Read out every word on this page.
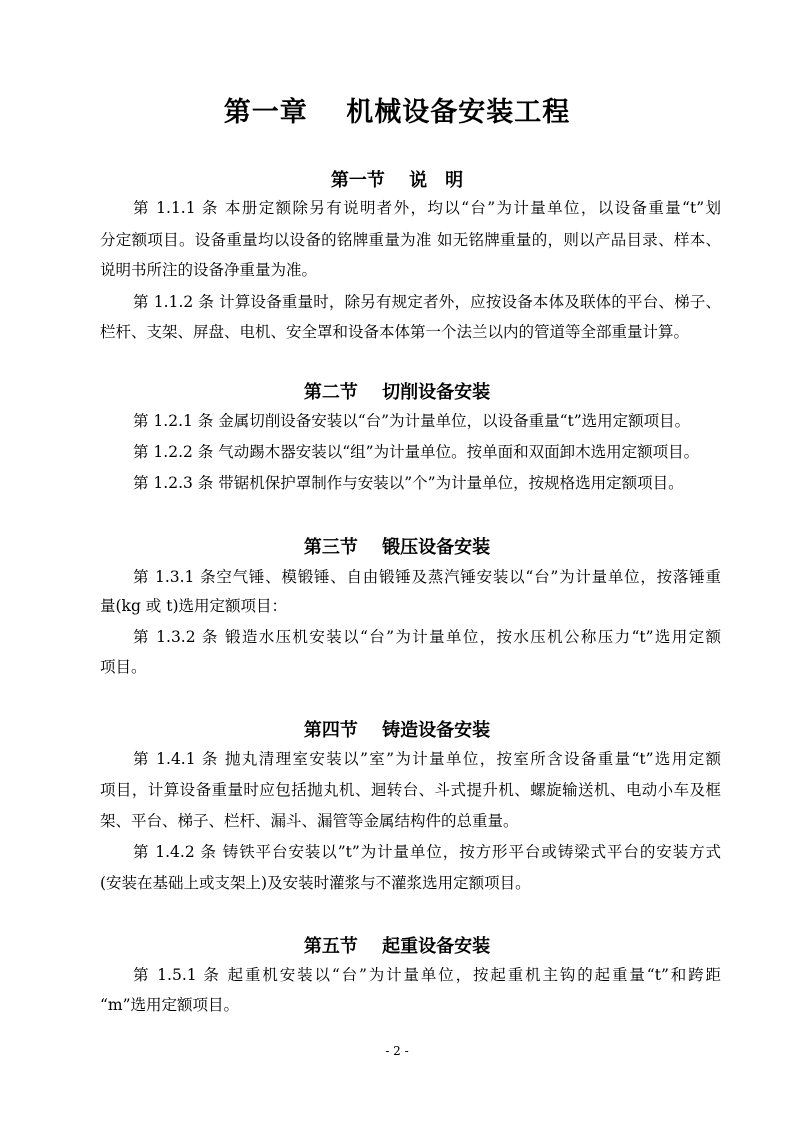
第一章　 机械设备安装工程
第一节　 说　明
第 1.1.1 条 本册定额除另有说明者外，均以“台”为计量单位，以设备重量“t”划
分定额项目。设备重量均以设备的铭牌重量为准 如无铭牌重量的，则以产品目录、样本、
说明书所注的设备净重量为准。
第 1.1.2 条 计算设备重量时，除另有规定者外，应按设备本体及联体的平台、梯子、
栏杆、支架、屏盘、电机、安全罩和设备本体第一个法兰以内的管道等全部重量计算。
第二节　 切削设备安装
第 1.2.1 条 金属切削设备安装以“台”为计量单位，以设备重量“t”选用定额项目。
第 1.2.2 条 气动踢木器安装以“组”为计量单位。按单面和双面卸木选用定额项目。
第 1.2.3 条 带锯机保护罩制作与安装以”个”为计量单位，按规格选用定额项目。
第三节　 锻压设备安装
第 1.3.1 条空气锤、模锻锤、自由锻锤及蒸汽锤安装以“台”为计量单位，按落锤重
量(kg 或 t)选用定额项目：
第 1.3.2 条 锻造水压机安装以“台”为计量单位，按水压机公称压力“t”选用定额
项目。
第四节　 铸造设备安装
第 1.4.1 条 抛丸清理室安装以”室”为计量单位，按室所含设备重量“t”选用定额
项目，计算设备重量时应包括抛丸机、迴转台、斗式提升机、螺旋输送机、电动小车及框
架、平台、梯子、栏杆、漏斗、漏管等金属结构件的总重量。
第 1.4.2 条 铸铁平台安装以”t”为计量单位，按方形平台或铸梁式平台的安装方式
(安装在基础上或支架上)及安装时灌浆与不灌浆选用定额项目。
第五节　 起重设备安装
第 1.5.1 条 起重机安装以“台”为计量单位，按起重机主钩的起重量“t”和跨距
“m”选用定额项目。
- 2 -
